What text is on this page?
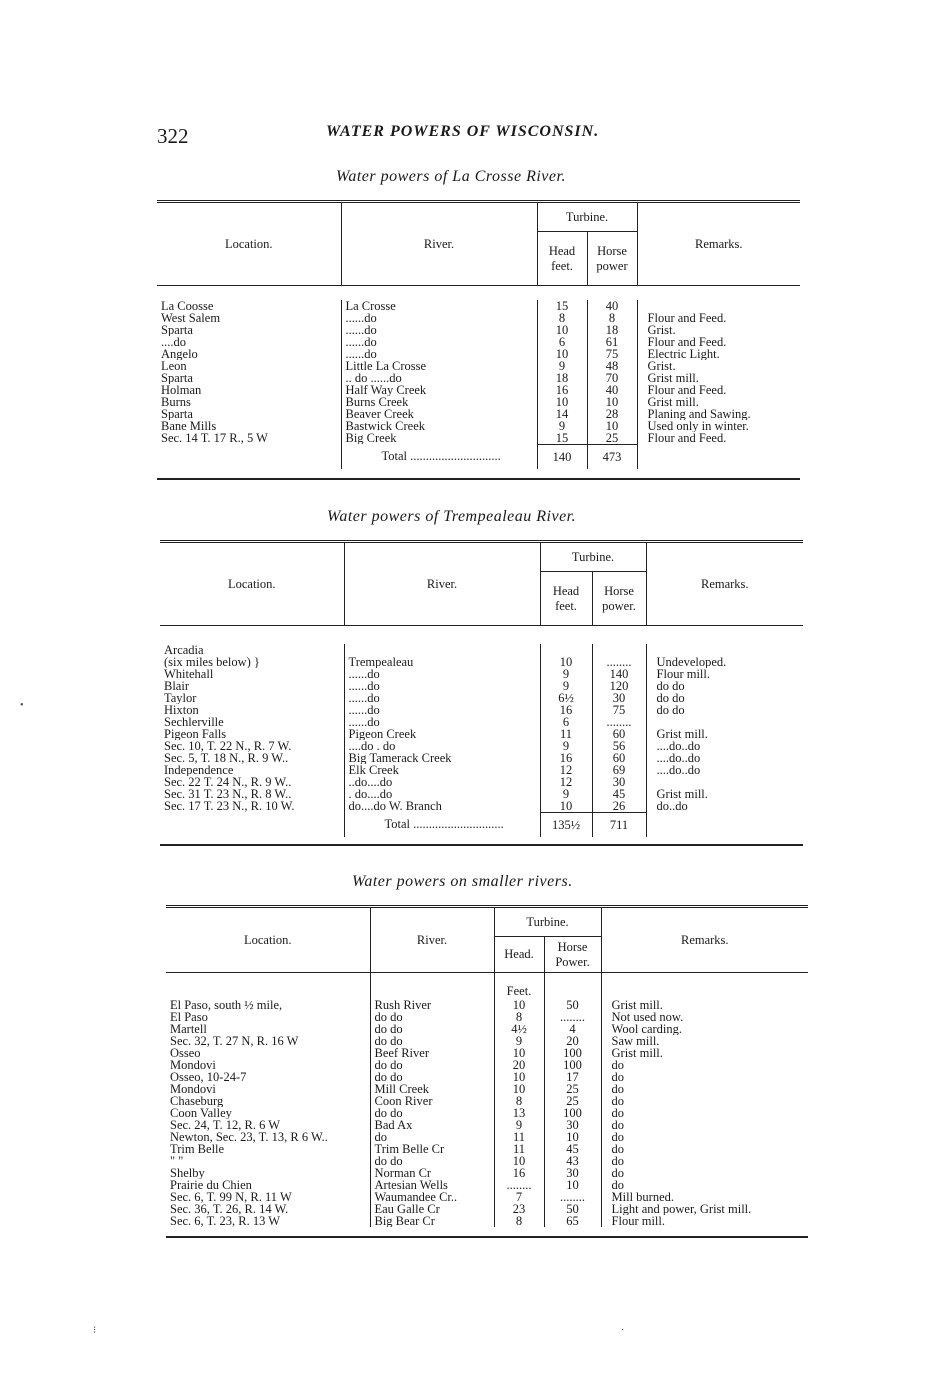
322	WATER POWERS OF WISCONSIN.
Water powers of La Crosse River.
Location.	River.	Turbine.		Remarks.
		Head feet.	Horse power	

La Coosse	La Crosse	15	40	
West Salem	......do	8	8	Flour and Feed.
Sparta	......do	10	18	Grist.
....do	......do	6	61	Flour and Feed.
Angelo	......do	10	75	Electric Light.
Leon	Little La Crosse	9	48	Grist.
Sparta	.. do ......do	18	70	Grist mill.
Holman	Half Way Creek	16	40	Flour and Feed.
Burns	Burns Creek	10	10	Grist mill.
Sparta	Beaver Creek	14	28	Planing and Sawing.
Bane Mills	Bastwick Creek	9	10	Used only in winter.
Sec. 14 T. 17 R., 5 W	Big Creek	15	25	Flour and Feed.
	Total .............................	140	473	

Water powers of Trempealeau River.
Location.	River.	Turbine.		Remarks.
		Head feet.	Horse power.	

Arcadia				
(six miles below) }	Trempealeau	10	........	Undeveloped.
Whitehall	......do	9	140	Flour mill.
Blair	......do	9	120	do do
Taylor	......do	6½	30	do do
Hixton	......do	16	75	do do
Sechlerville	......do	6	........	
Pigeon Falls	Pigeon Creek	11	60	Grist mill.
Sec. 10, T. 22 N., R. 7 W.	....do . do	9	56	....do..do
Sec. 5, T. 18 N., R. 9 W..	Big Tamerack Creek	16	60	....do..do
Independence	Elk Creek	12	69	....do..do
Sec. 22 T. 24 N., R. 9 W..	..do....do	12	30	
Sec. 31 T. 23 N., R. 8 W..	. do....do	9	45	Grist mill.
Sec. 17 T. 23 N., R. 10 W.	do....do W. Branch	10	26	do..do
	Total .............................	135½	711	

Water powers on smaller rivers.
Location.	River.	Turbine.		Remarks.	
		Head.	Horse Power.		
		Feet.			
El Paso, south ½ mile,	Rush River	10	50	Grist mill.	
El Paso	do do	8	........	Not used now.	
Martell	do do	4½	4	Wool carding.	
Sec. 32, T. 27 N, R. 16 W	do do	9	20	Saw mill.	
Osseo	Beef River	10	100	Grist mill.	
Mondovi	do do	20	100	do	
Osseo, 10-24-7	do do	10	17	do	
Mondovi	Mill Creek	10	25	do	
Chaseburg	Coon River	8	25	do	
Coon Valley	do do	13	100	do	
Sec. 24, T. 12, R. 6 W	Bad Ax	9	30	do	
Newton, Sec. 23, T. 13, R 6 W..	do	11	10	do	
Trim Belle	Trim Belle Cr	11	45	do	
" "	do do	10	43	do	
Shelby	Norman Cr	16	30	do	
Prairie du Chien	Artesian Wells	........	10	do	
Sec. 6, T. 99 N, R. 11 W	Waumandee Cr..	7	........	Mill burned.	
Sec. 36, T. 26, R. 14 W.	Eau Galle Cr	23	50	Light and power, Grist mill.	
Sec. 6, T. 23, R. 13 W	Big Bear Cr	8	65	Flour mill.	

•
⁝	·
